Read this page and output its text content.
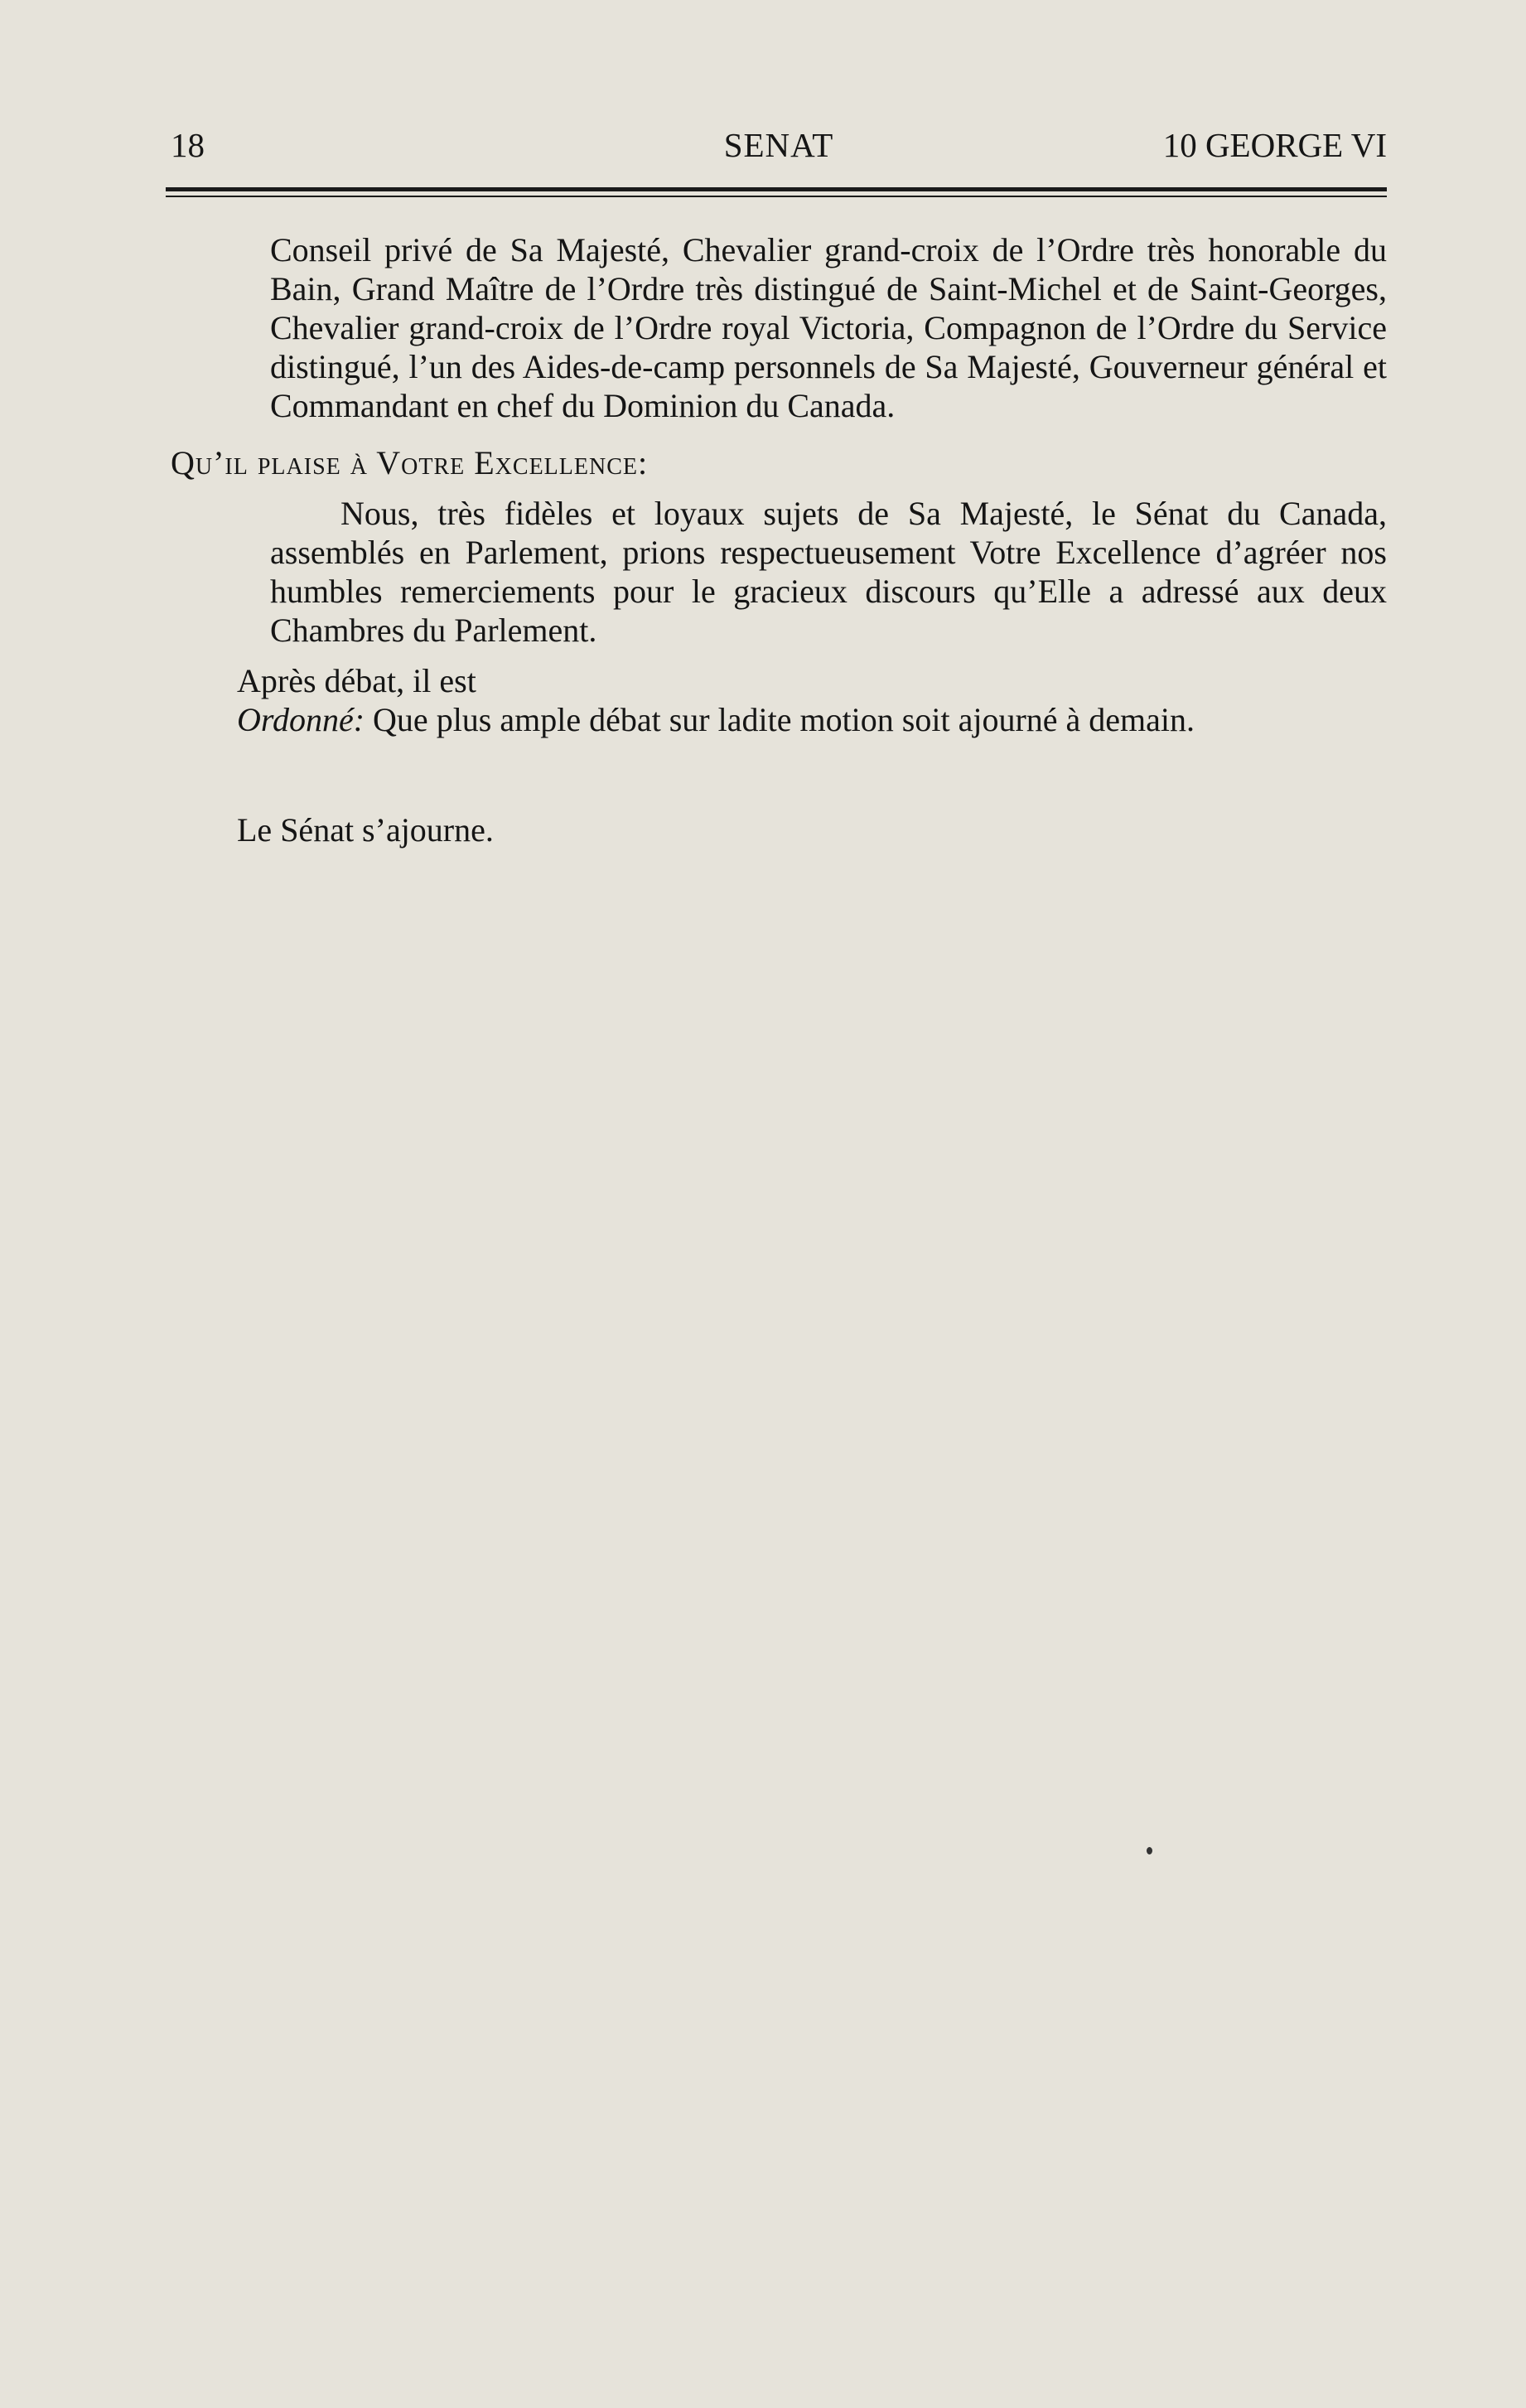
18	SENAT	10 GEORGE VI

Conseil privé de Sa Majesté, Chevalier grand-croix de l’Ordre très honorable du Bain, Grand Maître de l’Ordre très distingué de Saint-Michel et de Saint-Georges, Chevalier grand-croix de l’Ordre royal Victoria, Compagnon de l’Ordre du Service distingué, l’un des Aides-de-camp personnels de Sa Majesté, Gouverneur général et Commandant en chef du Dominion du Canada.

Qu’il plaise à Votre Excellence:

Nous, très fidèles et loyaux sujets de Sa Majesté, le Sénat du Canada, assemblés en Parlement, prions respectueusement Votre Excellence d’agréer nos humbles remerciements pour le gracieux discours qu’Elle a adressé aux deux Chambres du Parlement.

Après débat, il est

Ordonné: Que plus ample débat sur ladite motion soit ajourné à demain.

Le Sénat s’ajourne.
